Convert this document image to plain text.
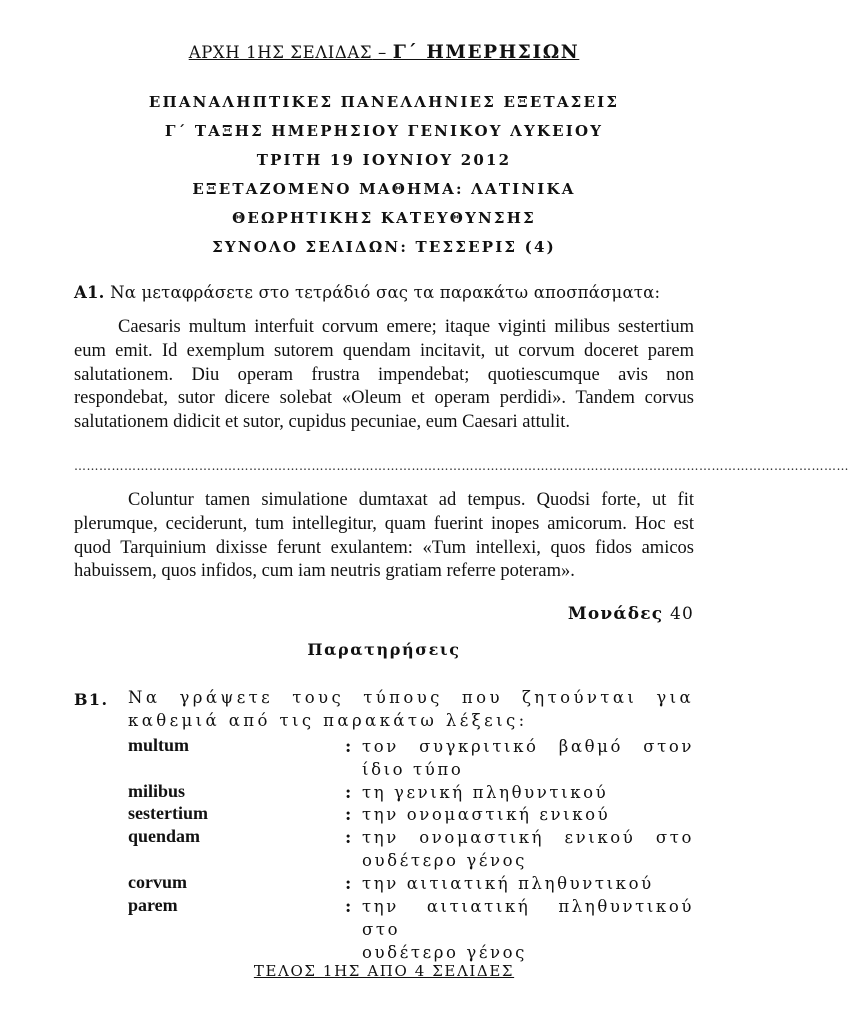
ΑΡΧΗ 1ΗΣ ΣΕΛΙΔΑΣ – Γ΄ ΗΜΕΡΗΣΙΩΝ
ΕΠΑΝΑΛΗΠΤΙΚΕΣ ΠΑΝΕΛΛΗΝΙΕΣ ΕΞΕΤΑΣΕΙΣ
Γ΄ ΤΑΞΗΣ ΗΜΕΡΗΣΙΟΥ ΓΕΝΙΚΟΥ ΛΥΚΕΙΟΥ
ΤΡΙΤΗ 19 ΙΟΥΝΙΟΥ 2012
ΕΞΕΤΑΖΟΜΕΝΟ ΜΑΘΗΜΑ: ΛΑΤΙΝΙΚΑ
ΘΕΩΡΗΤΙΚΗΣ ΚΑΤΕΥΘΥΝΣΗΣ
ΣΥΝΟΛΟ ΣΕΛΙΔΩΝ: ΤΕΣΣΕΡΙΣ (4)
Α1. Να μεταφράσετε στο τετράδιό σας τα παρακάτω αποσπάσματα:
Caesaris multum interfuit corvum emere; itaque viginti milibus sestertium eum emit. Id exemplum sutorem quendam incitavit, ut corvum doceret parem salutationem. Diu operam frustra impendebat; quotiescumque avis non respondebat, sutor dicere solebat «Oleum et operam perdidi». Tandem corvus salutationem didicit et sutor, cupidus pecuniae, eum Caesari attulit.
……………………………………………………………………………………………………………………………………………………………………
Coluntur tamen simulatione dumtaxat ad tempus. Quodsi forte, ut fit plerumque, ceciderunt, tum intellegitur, quam fuerint inopes amicorum. Hoc est quod Tarquinium dixisse ferunt exulantem: «Tum intellexi, quos fidos amicos habuissem, quos infidos, cum iam neutris gratiam referre poteram».
Μονάδες 40
Παρατηρήσεις
Β1. Να γράψετε τους τύπους που ζητούνται για καθεμιά από τις παρακάτω λέξεις:
multum	: τον συγκριτικό βαθμό στον
ίδιο τύπο
milibus	: τη γενική πληθυντικού
sestertium	: την ονομαστική ενικού
quendam	: την ονομαστική ενικού στο
ουδέτερο γένος
corvum	: την αιτιατική πληθυντικού
parem	: την αιτιατική πληθυντικού στο
ουδέτερο γένος
ΤΕΛΟΣ 1ΗΣ ΑΠΟ 4 ΣΕΛΙΔΕΣ
